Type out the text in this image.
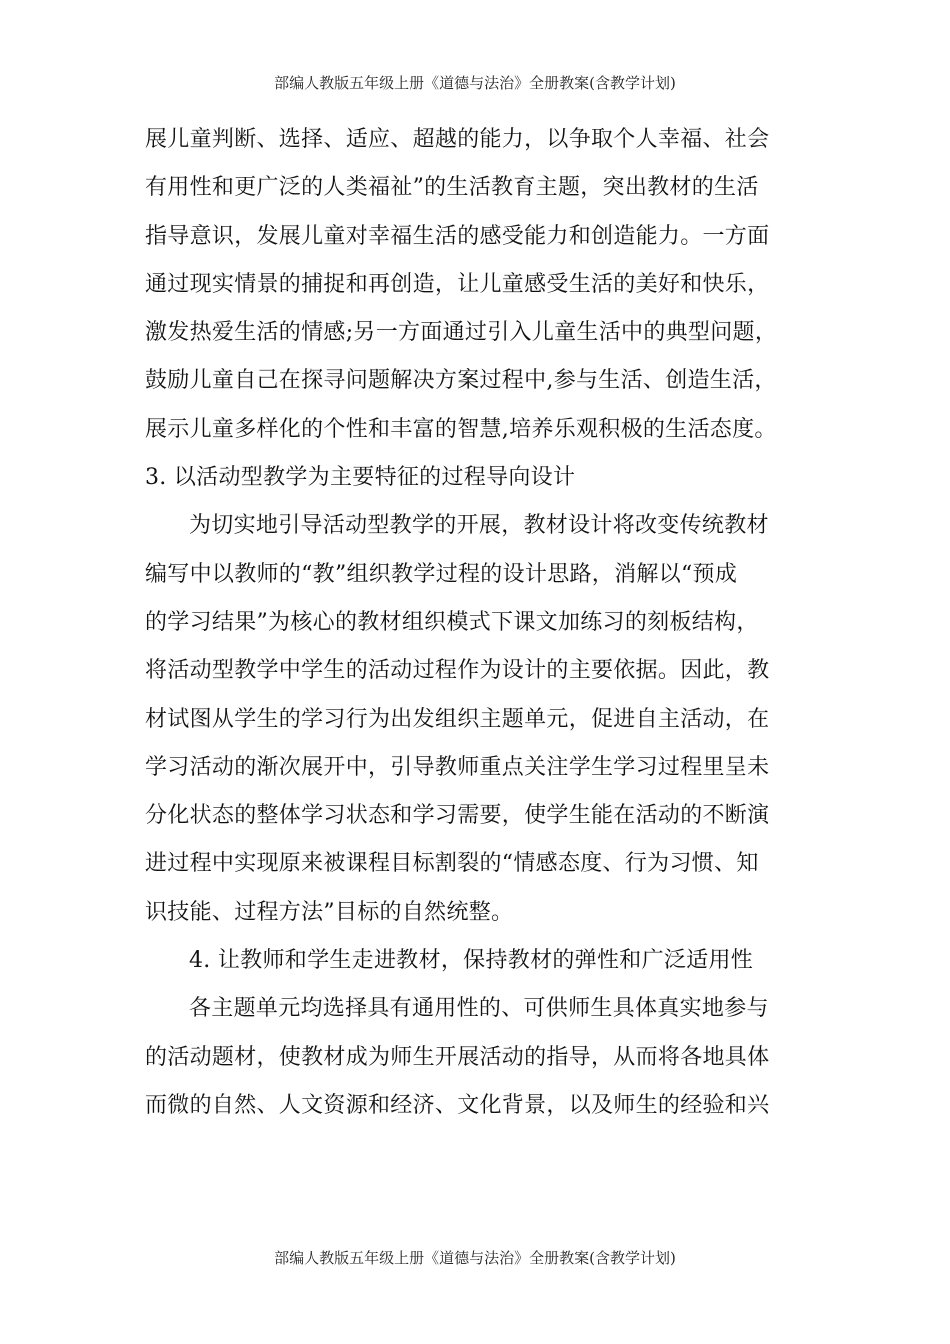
部编人教版五年级上册《道德与法治》全册教案(含教学计划)
展儿童判断、选择、适应、超越的能力，以争取个人幸福、社会
有用性和更广泛的人类福祉”的生活教育主题，突出教材的生活
指导意识，发展儿童对幸福生活的感受能力和创造能力。一方面
通过现实情景的捕捉和再创造，让儿童感受生活的美好和快乐，
激发热爱生活的情感;另一方面通过引入儿童生活中的典型问题，
鼓励儿童自己在探寻问题解决方案过程中,参与生活、创造生活，
展示儿童多样化的个性和丰富的智慧,培养乐观积极的生活态度。
3. 以活动型教学为主要特征的过程导向设计
为切实地引导活动型教学的开展，教材设计将改变传统教材
编写中以教师的“教”组织教学过程的设计思路，消解以“预成
的学习结果”为核心的教材组织模式下课文加练习的刻板结构，
将活动型教学中学生的活动过程作为设计的主要依据。因此，教
材试图从学生的学习行为出发组织主题单元，促进自主活动，在
学习活动的渐次展开中，引导教师重点关注学生学习过程里呈未
分化状态的整体学习状态和学习需要，使学生能在活动的不断演
进过程中实现原来被课程目标割裂的“情感态度、行为习惯、知
识技能、过程方法”目标的自然统整。
4. 让教师和学生走进教材，保持教材的弹性和广泛适用性
各主题单元均选择具有通用性的、可供师生具体真实地参与
的活动题材，使教材成为师生开展活动的指导，从而将各地具体
而微的自然、人文资源和经济、文化背景，以及师生的经验和兴
部编人教版五年级上册《道德与法治》全册教案(含教学计划)
